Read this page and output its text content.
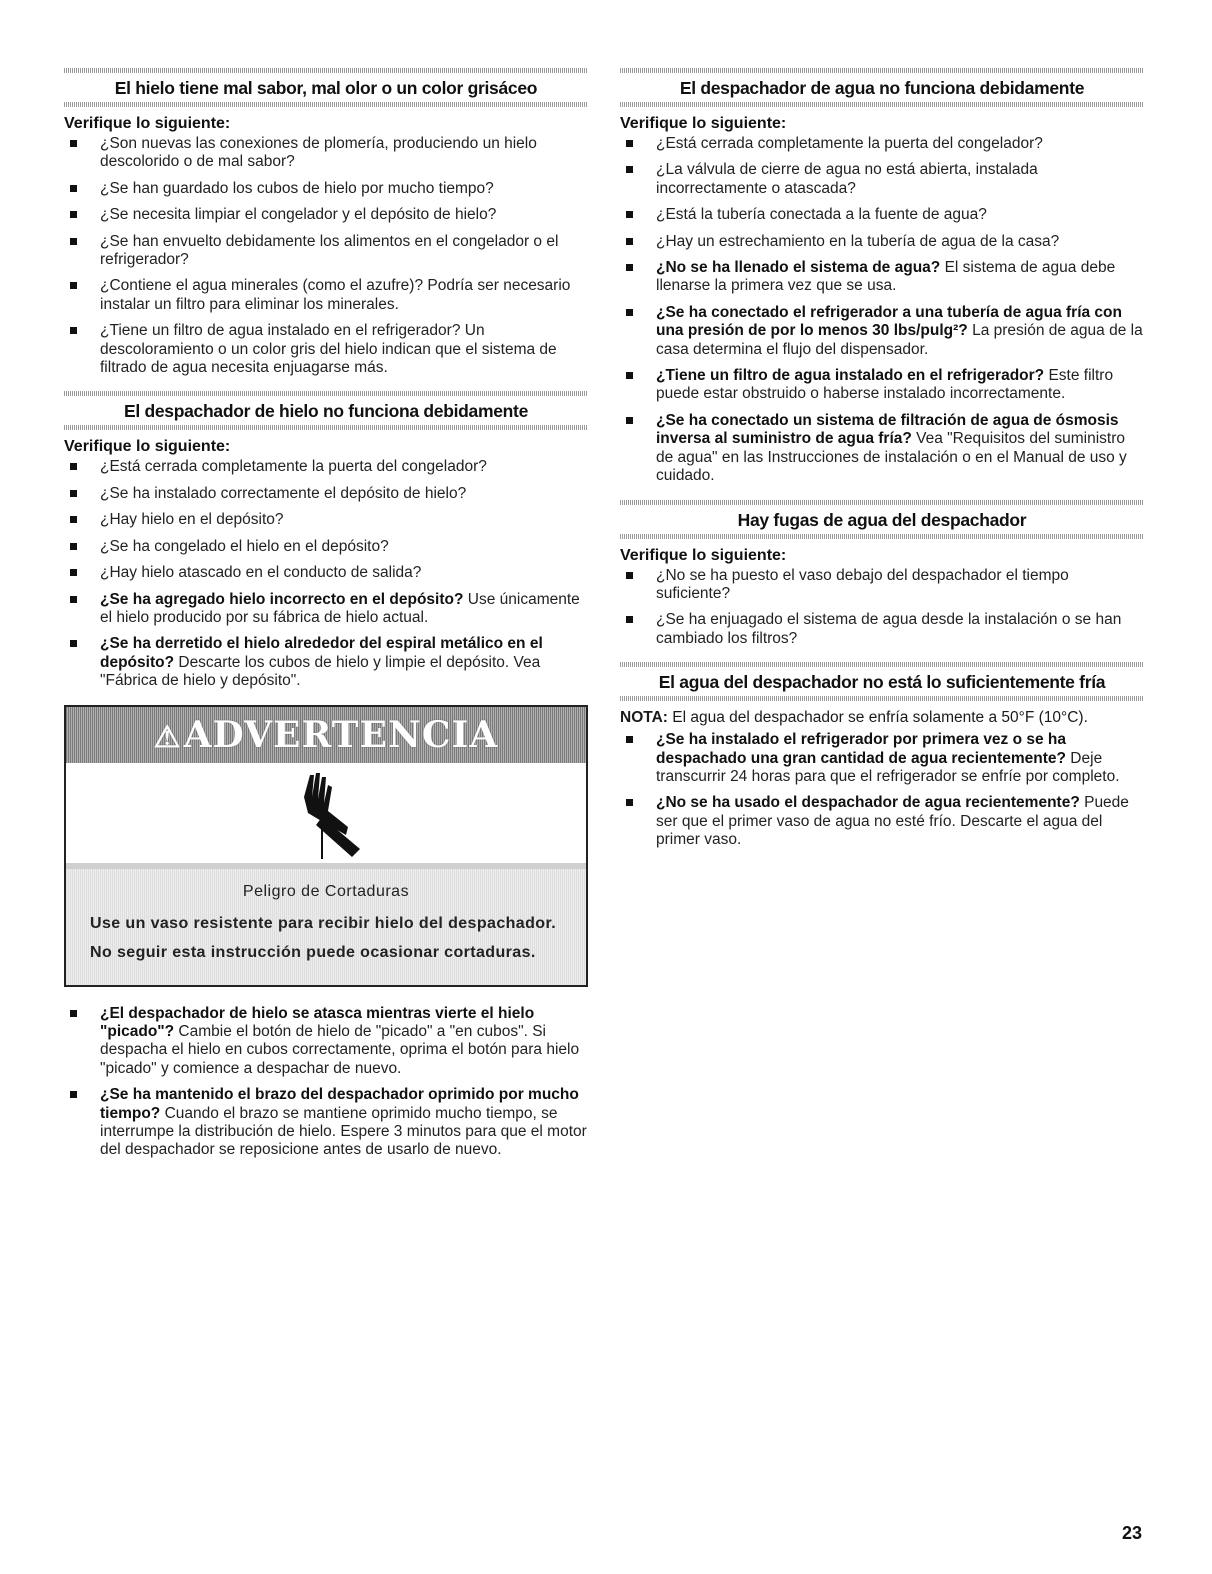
El hielo tiene mal sabor, mal olor o un color grisáceo
Verifique lo siguiente:
¿Son nuevas las conexiones de plomería, produciendo un hielo descolorido o de mal sabor?
¿Se han guardado los cubos de hielo por mucho tiempo?
¿Se necesita limpiar el congelador y el depósito de hielo?
¿Se han envuelto debidamente los alimentos en el congelador o el refrigerador?
¿Contiene el agua minerales (como el azufre)? Podría ser necesario instalar un filtro para eliminar los minerales.
¿Tiene un filtro de agua instalado en el refrigerador? Un descoloramiento o un color gris del hielo indican que el sistema de filtrado de agua necesita enjuagarse más.
El despachador de hielo no funciona debidamente
Verifique lo siguiente:
¿Está cerrada completamente la puerta del congelador?
¿Se ha instalado correctamente el depósito de hielo?
¿Hay hielo en el depósito?
¿Se ha congelado el hielo en el depósito?
¿Hay hielo atascado en el conducto de salida?
¿Se ha agregado hielo incorrecto en el depósito? Use únicamente el hielo producido por su fábrica de hielo actual.
¿Se ha derretido el hielo alrededor del espiral metálico en el depósito? Descarte los cubos de hielo y limpie el depósito. Vea "Fábrica de hielo y depósito".
⚠ADVERTENCIA
Peligro de Cortaduras

Use un vaso resistente para recibir hielo del despachador.

No seguir esta instrucción puede ocasionar cortaduras.

¿El despachador de hielo se atasca mientras vierte el hielo "picado"? Cambie el botón de hielo de "picado" a "en cubos". Si despacha el hielo en cubos correctamente, oprima el botón para hielo "picado" y comience a despachar de nuevo.
¿Se ha mantenido el brazo del despachador oprimido por mucho tiempo? Cuando el brazo se mantiene oprimido mucho tiempo, se interrumpe la distribución de hielo. Espere 3 minutos para que el motor del despachador se reposicione antes de usarlo de nuevo.
El despachador de agua no funciona debidamente
Verifique lo siguiente:
¿Está cerrada completamente la puerta del congelador?
¿La válvula de cierre de agua no está abierta, instalada incorrectamente o atascada?
¿Está la tubería conectada a la fuente de agua?
¿Hay un estrechamiento en la tubería de agua de la casa?
¿No se ha llenado el sistema de agua? El sistema de agua debe llenarse la primera vez que se usa.
¿Se ha conectado el refrigerador a una tubería de agua fría con una presión de por lo menos 30 lbs/pulg²? La presión de agua de la casa determina el flujo del dispensador.
¿Tiene un filtro de agua instalado en el refrigerador? Este filtro puede estar obstruido o haberse instalado incorrectamente.
¿Se ha conectado un sistema de filtración de agua de ósmosis inversa al suministro de agua fría? Vea "Requisitos del suministro de agua" en las Instrucciones de instalación o en el Manual de uso y cuidado.
Hay fugas de agua del despachador
Verifique lo siguiente:
¿No se ha puesto el vaso debajo del despachador el tiempo suficiente?
¿Se ha enjuagado el sistema de agua desde la instalación o se han cambiado los filtros?
El agua del despachador no está lo suficientemente fría

NOTA: El agua del despachador se enfría solamente a 50°F (10°C).

¿Se ha instalado el refrigerador por primera vez o se ha despachado una gran cantidad de agua recientemente? Deje transcurrir 24 horas para que el refrigerador se enfríe por completo.
¿No se ha usado el despachador de agua recientemente? Puede ser que el primer vaso de agua no esté frío. Descarte el agua del primer vaso.
23
